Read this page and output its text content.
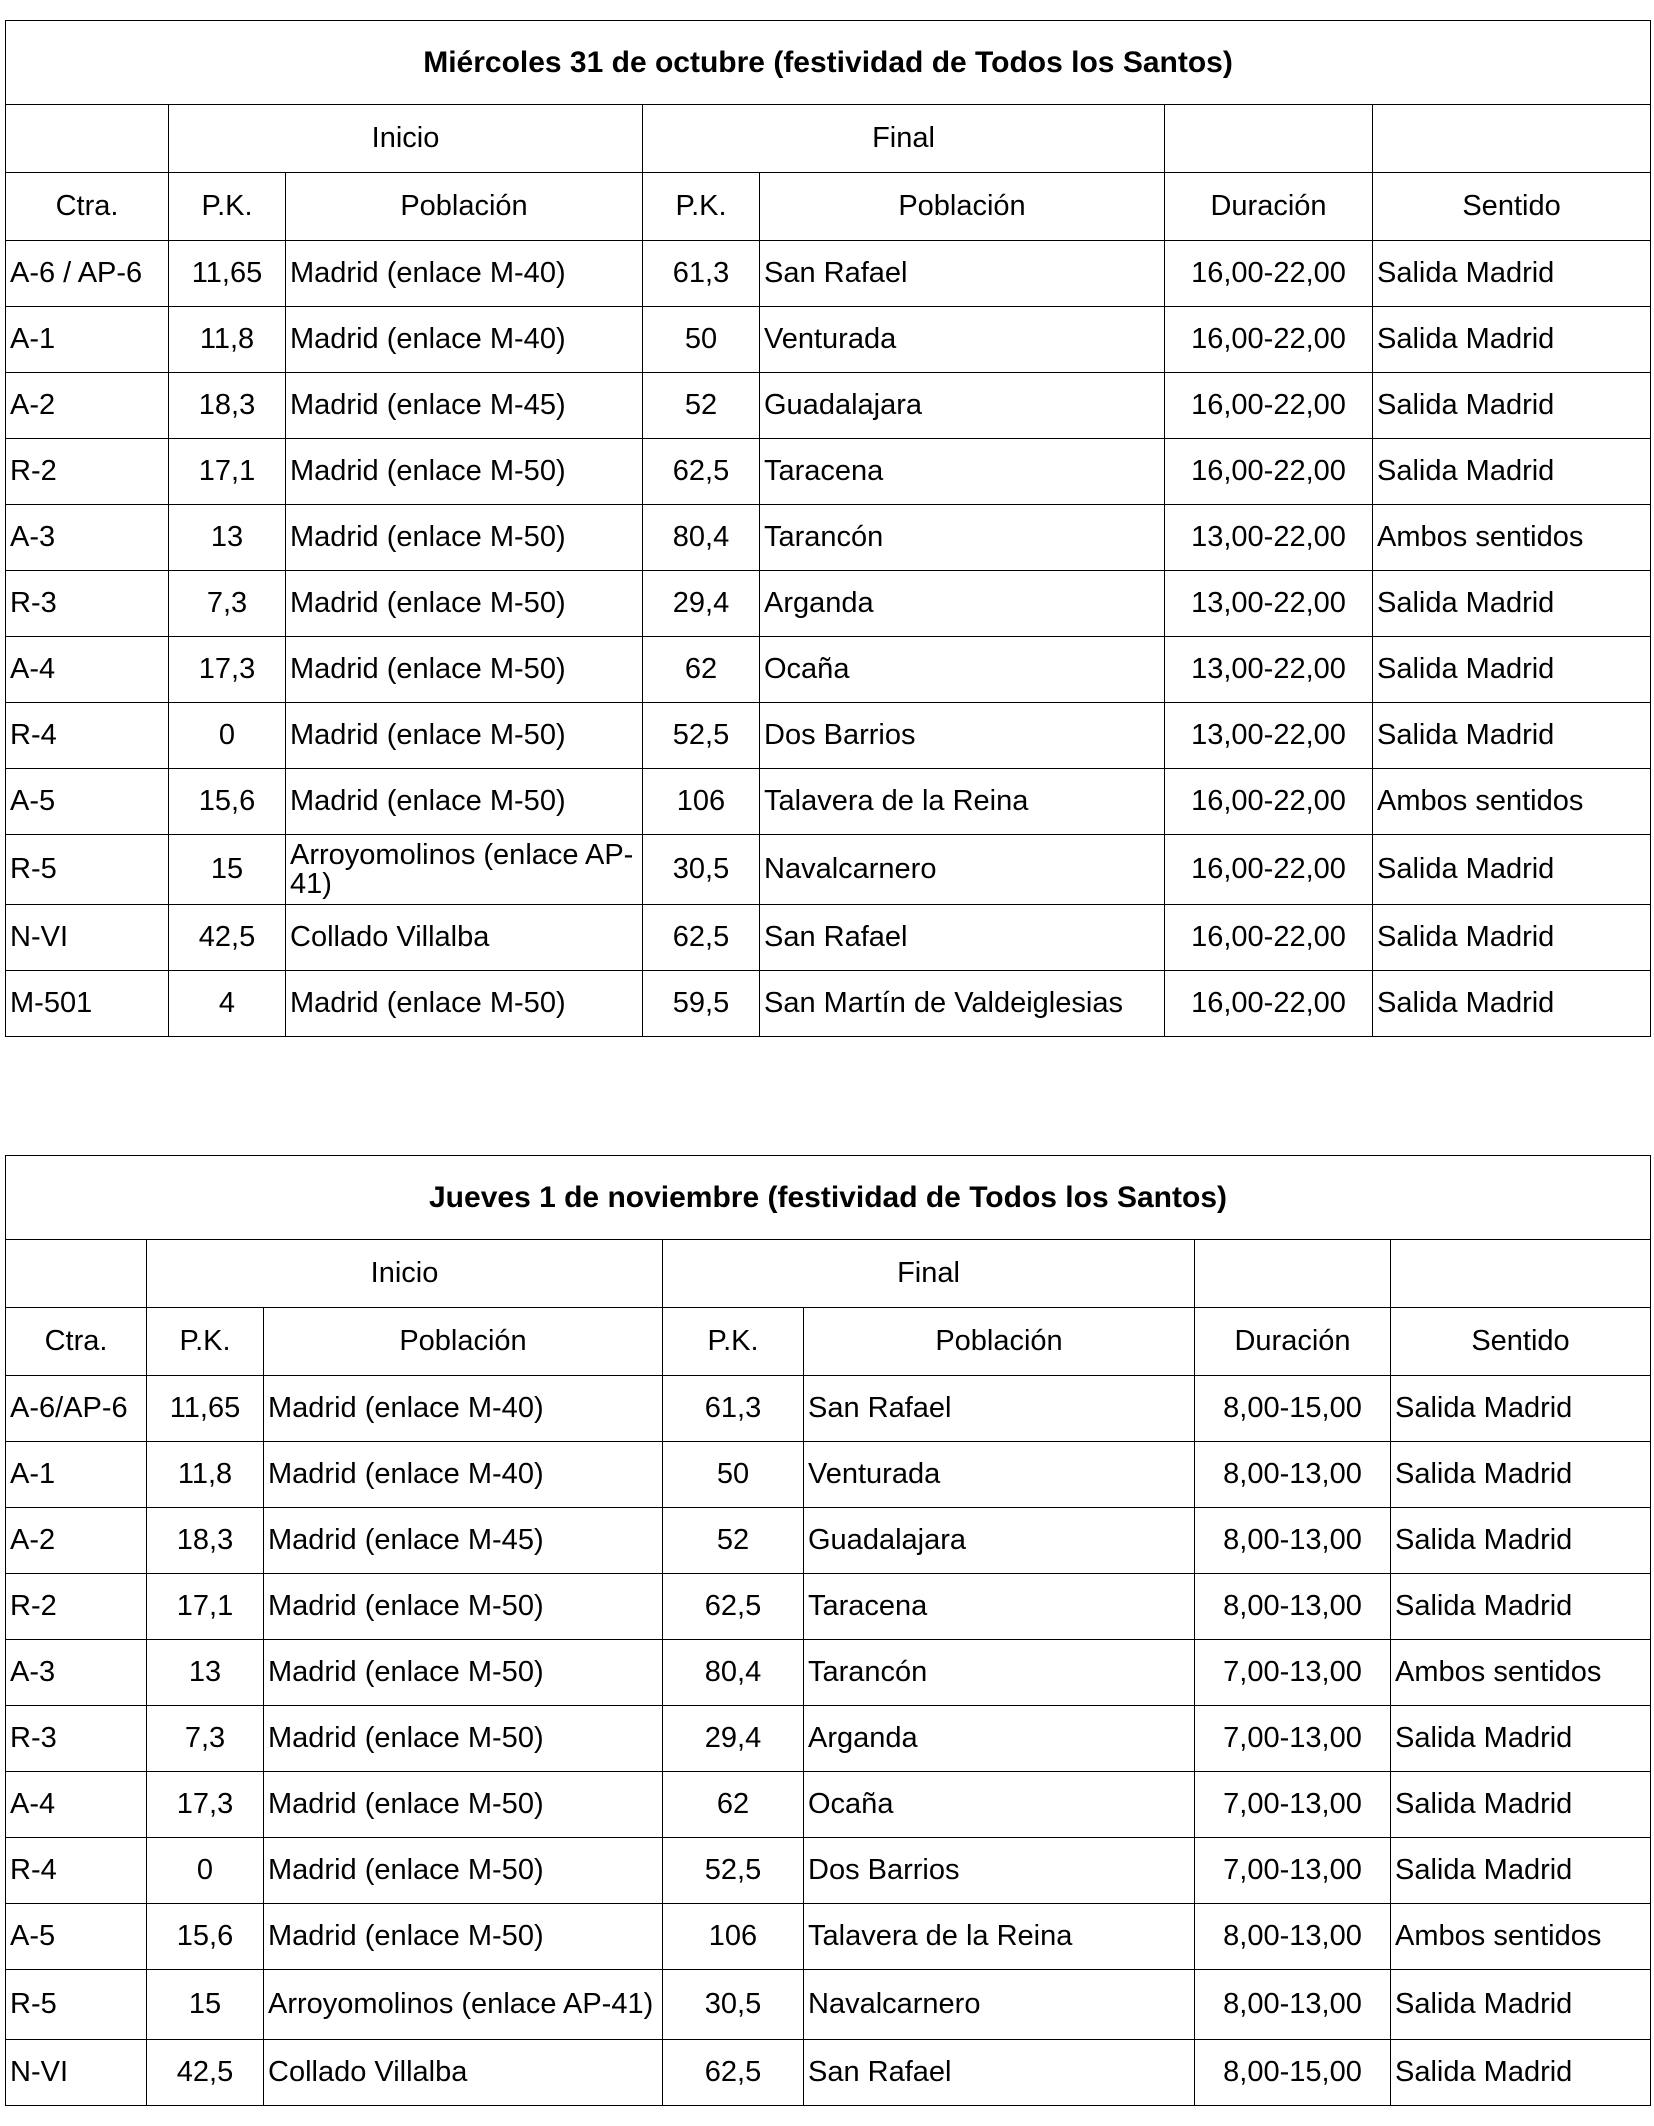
Miércoles 31 de octubre (festividad de Todos los Santos)						
	Inicio		Final			
Ctra.	P.K.	Población	P.K.	Población	Duración	Sentido
A-6 / AP-6	11,65	Madrid (enlace M-40)	61,3	San Rafael	16,00-22,00	Salida Madrid
A-1	11,8	Madrid (enlace M-40)	50	Venturada	16,00-22,00	Salida Madrid
A-2	18,3	Madrid (enlace M-45)	52	Guadalajara	16,00-22,00	Salida Madrid
R-2	17,1	Madrid (enlace M-50)	62,5	Taracena	16,00-22,00	Salida Madrid
A-3	13	Madrid (enlace M-50)	80,4	Tarancón	13,00-22,00	Ambos sentidos
R-3	7,3	Madrid (enlace M-50)	29,4	Arganda	13,00-22,00	Salida Madrid
A-4	17,3	Madrid (enlace M-50)	62	Ocaña	13,00-22,00	Salida Madrid
R-4	0	Madrid (enlace M-50)	52,5	Dos Barrios	13,00-22,00	Salida Madrid
A-5	15,6	Madrid (enlace M-50)	106	Talavera de la Reina	16,00-22,00	Ambos sentidos
R-5	15	Arroyomolinos (enlace AP-41)	30,5	Navalcarnero	16,00-22,00	Salida Madrid
N-VI	42,5	Collado Villalba	62,5	San Rafael	16,00-22,00	Salida Madrid
M-501	4	Madrid (enlace M-50)	59,5	San Martín de Valdeiglesias	16,00-22,00	Salida Madrid
Jueves 1 de noviembre (festividad de Todos los Santos)						
	Inicio		Final			
Ctra.	P.K.	Población	P.K.	Población	Duración	Sentido
A-6/AP-6	11,65	Madrid (enlace M-40)	61,3	San Rafael	8,00-15,00	Salida Madrid
A-1	11,8	Madrid (enlace M-40)	50	Venturada	8,00-13,00	Salida Madrid
A-2	18,3	Madrid (enlace M-45)	52	Guadalajara	8,00-13,00	Salida Madrid
R-2	17,1	Madrid (enlace M-50)	62,5	Taracena	8,00-13,00	Salida Madrid
A-3	13	Madrid (enlace M-50)	80,4	Tarancón	7,00-13,00	Ambos sentidos
R-3	7,3	Madrid (enlace M-50)	29,4	Arganda	7,00-13,00	Salida Madrid
A-4	17,3	Madrid (enlace M-50)	62	Ocaña	7,00-13,00	Salida Madrid
R-4	0	Madrid (enlace M-50)	52,5	Dos Barrios	7,00-13,00	Salida Madrid
A-5	15,6	Madrid (enlace M-50)	106	Talavera de la Reina	8,00-13,00	Ambos sentidos
R-5	15	Arroyomolinos (enlace AP-41)	30,5	Navalcarnero	8,00-13,00	Salida Madrid
N-VI	42,5	Collado Villalba	62,5	San Rafael	8,00-15,00	Salida Madrid
